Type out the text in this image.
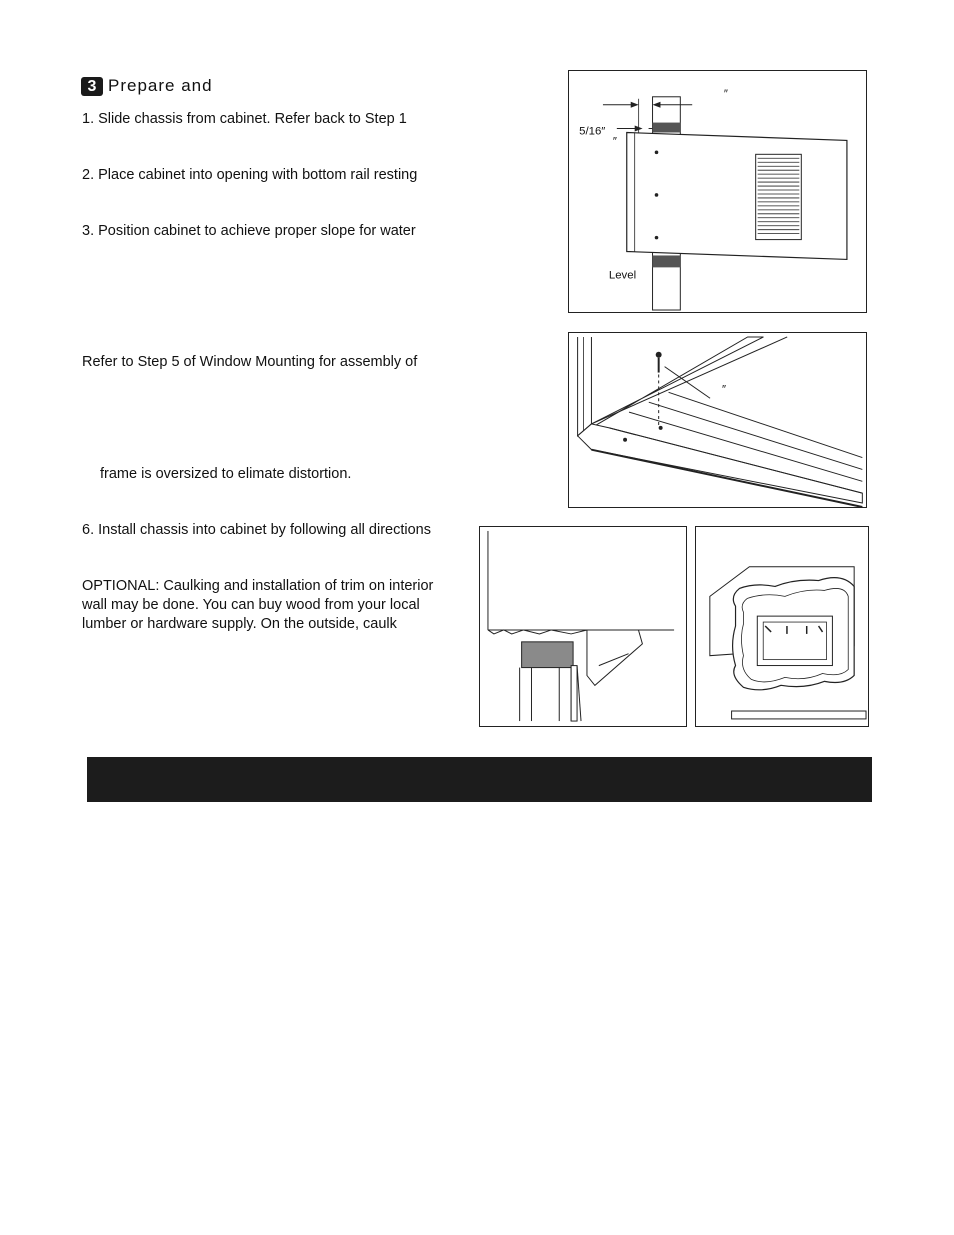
3 Prepare and
1. Slide chassis from cabinet. Refer back to Step 1
2. Place cabinet into opening with bottom rail resting
3. Position cabinet to achieve proper slope for water
Refer to Step 5 of Window Mounting for assembly of
frame is oversized to elimate distortion.
6. Install chassis into cabinet by following all directions
OPTIONAL: Caulking and installation of trim on interior
wall may be done. You can buy wood from your local
lumber or hardware supply. On the outside, caulk
″
5/16″
″
Level
″
